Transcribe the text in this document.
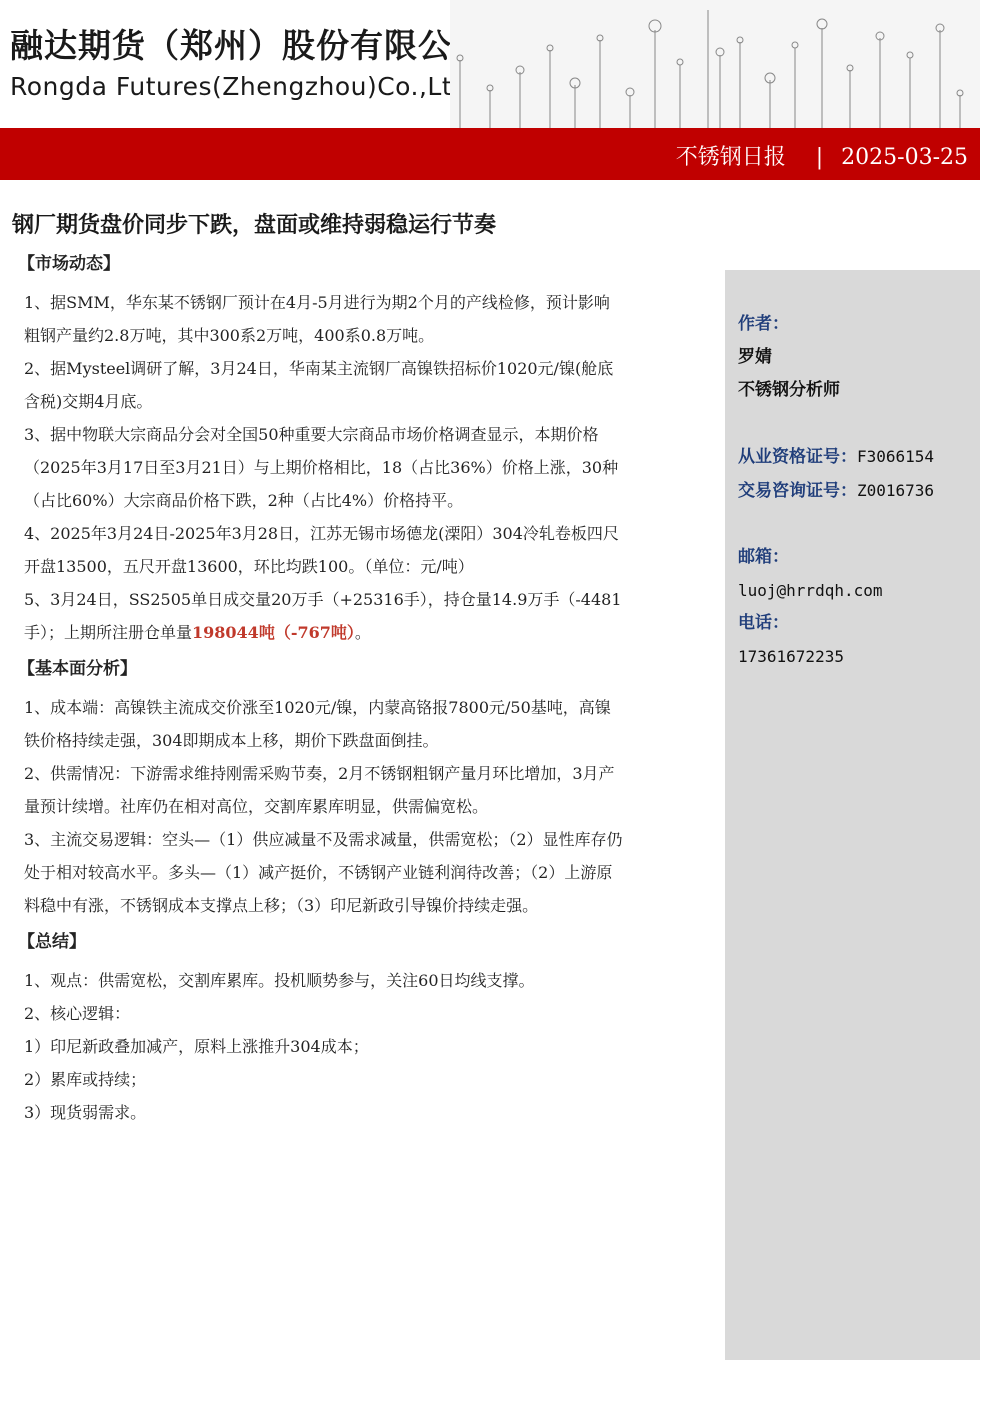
融达期货（郑州）股份有限公司
Rongda Futures(Zhengzhou)Co.,Ltd.
不锈钢日报 | 2025-03-25
钢厂期货盘价同步下跌，盘面或维持弱稳运行节奏
【市场动态】

1、据SMM，华东某不锈钢厂预计在4月-5月进行为期2个月的产线检修，预计影响粗钢产量约2.8万吨，其中300系2万吨，400系0.8万吨。

2、据Mysteel调研了解，3月24日，华南某主流钢厂高镍铁招标价1020元/镍(舱底含税)交期4月底。

3、据中物联大宗商品分会对全国50种重要大宗商品市场价格调查显示，本期价格（2025年3月17日至3月21日）与上期价格相比，18（占比36%）价格上涨，30种（占比60%）大宗商品价格下跌，2种（占比4%）价格持平。

4、2025年3月24日-2025年3月28日，江苏无锡市场德龙(溧阳）304冷轧卷板四尺开盘13500，五尺开盘13600，环比均跌100。（单位：元/吨）

5、3月24日，SS2505单日成交量20万手（+25316手），持仓量14.9万手（-4481手）；上期所注册仓单量198044吨（-767吨）。

【基本面分析】

1、成本端：高镍铁主流成交价涨至1020元/镍，内蒙高铬报7800元/50基吨，高镍铁价格持续走强，304即期成本上移，期价下跌盘面倒挂。

2、供需情况：下游需求维持刚需采购节奏，2月不锈钢粗钢产量月环比增加，3月产量预计续增。社库仍在相对高位，交割库累库明显，供需偏宽松。

3、主流交易逻辑：空头—（1）供应减量不及需求减量，供需宽松；（2）显性库存仍处于相对较高水平。多头—（1）减产挺价，不锈钢产业链利润待改善；（2）上游原料稳中有涨，不锈钢成本支撑点上移；（3）印尼新政引导镍价持续走强。

【总结】

1、观点：供需宽松，交割库累库。投机顺势参与，关注60日均线支撑。

2、核心逻辑：

1）印尼新政叠加减产，原料上涨推升304成本；

2）累库或持续；

3）现货弱需求。

作者：
罗婧
不锈钢分析师
从业资格证号：F3066154
交易咨询证号：Z0016736
邮箱：
luoj@hrrdqh.com
电话：
17361672235
